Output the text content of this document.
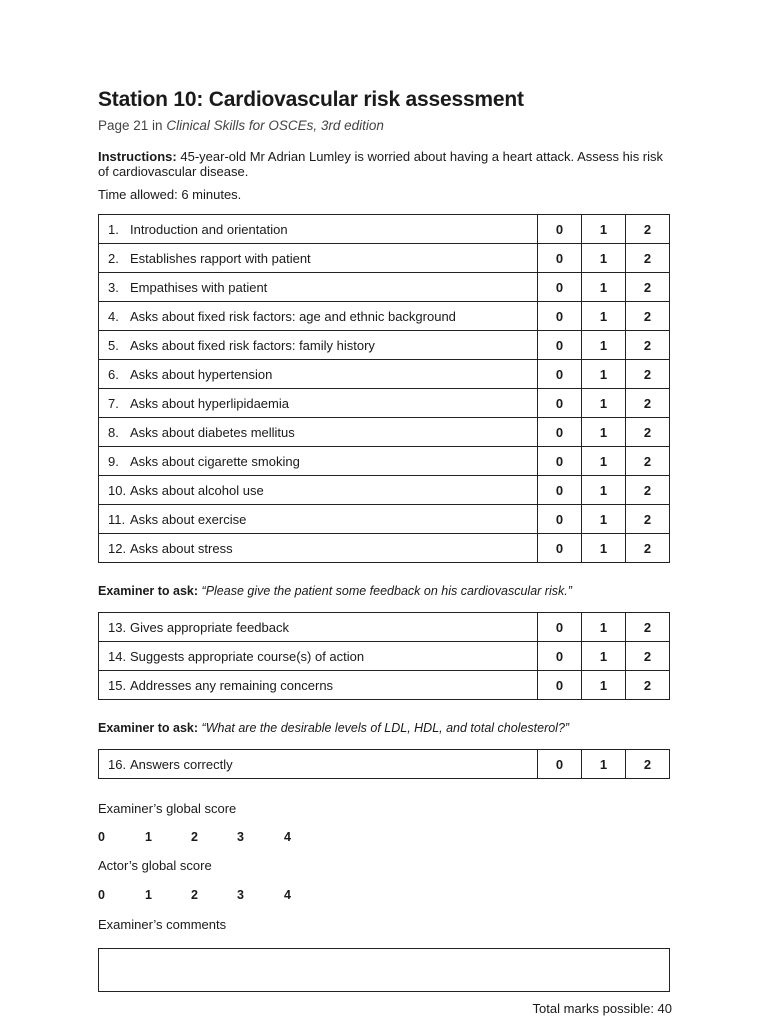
Station 10: Cardiovascular risk assessment
Page 21 in Clinical Skills for OSCEs, 3rd edition
Instructions: 45-year-old Mr Adrian Lumley is worried about having a heart attack. Assess his risk of cardiovascular disease.
Time allowed: 6 minutes.
1. Introduction and orientation	0	1	2
2. Establishes rapport with patient	0	1	2
3. Empathises with patient	0	1	2
4. Asks about fixed risk factors: age and ethnic background	0	1	2
5. Asks about fixed risk factors: family history	0	1	2
6. Asks about hypertension	0	1	2
7. Asks about hyperlipidaemia	0	1	2
8. Asks about diabetes mellitus	0	1	2
9. Asks about cigarette smoking	0	1	2
10. Asks about alcohol use	0	1	2
11. Asks about exercise	0	1	2
12. Asks about stress	0	1	2
Examiner to ask: “Please give the patient some feedback on his cardiovascular risk.”
13. Gives appropriate feedback	0	1	2
14. Suggests appropriate course(s) of action	0	1	2
15. Addresses any remaining concerns	0	1	2
Examiner to ask: “What are the desirable levels of LDL, HDL, and total cholesterol?”
16. Answers correctly	0	1	2
Examiner’s global score
0	1	2	3	4
Actor’s global score
0	1	2	3	4
Examiner’s comments
Total marks possible: 40
